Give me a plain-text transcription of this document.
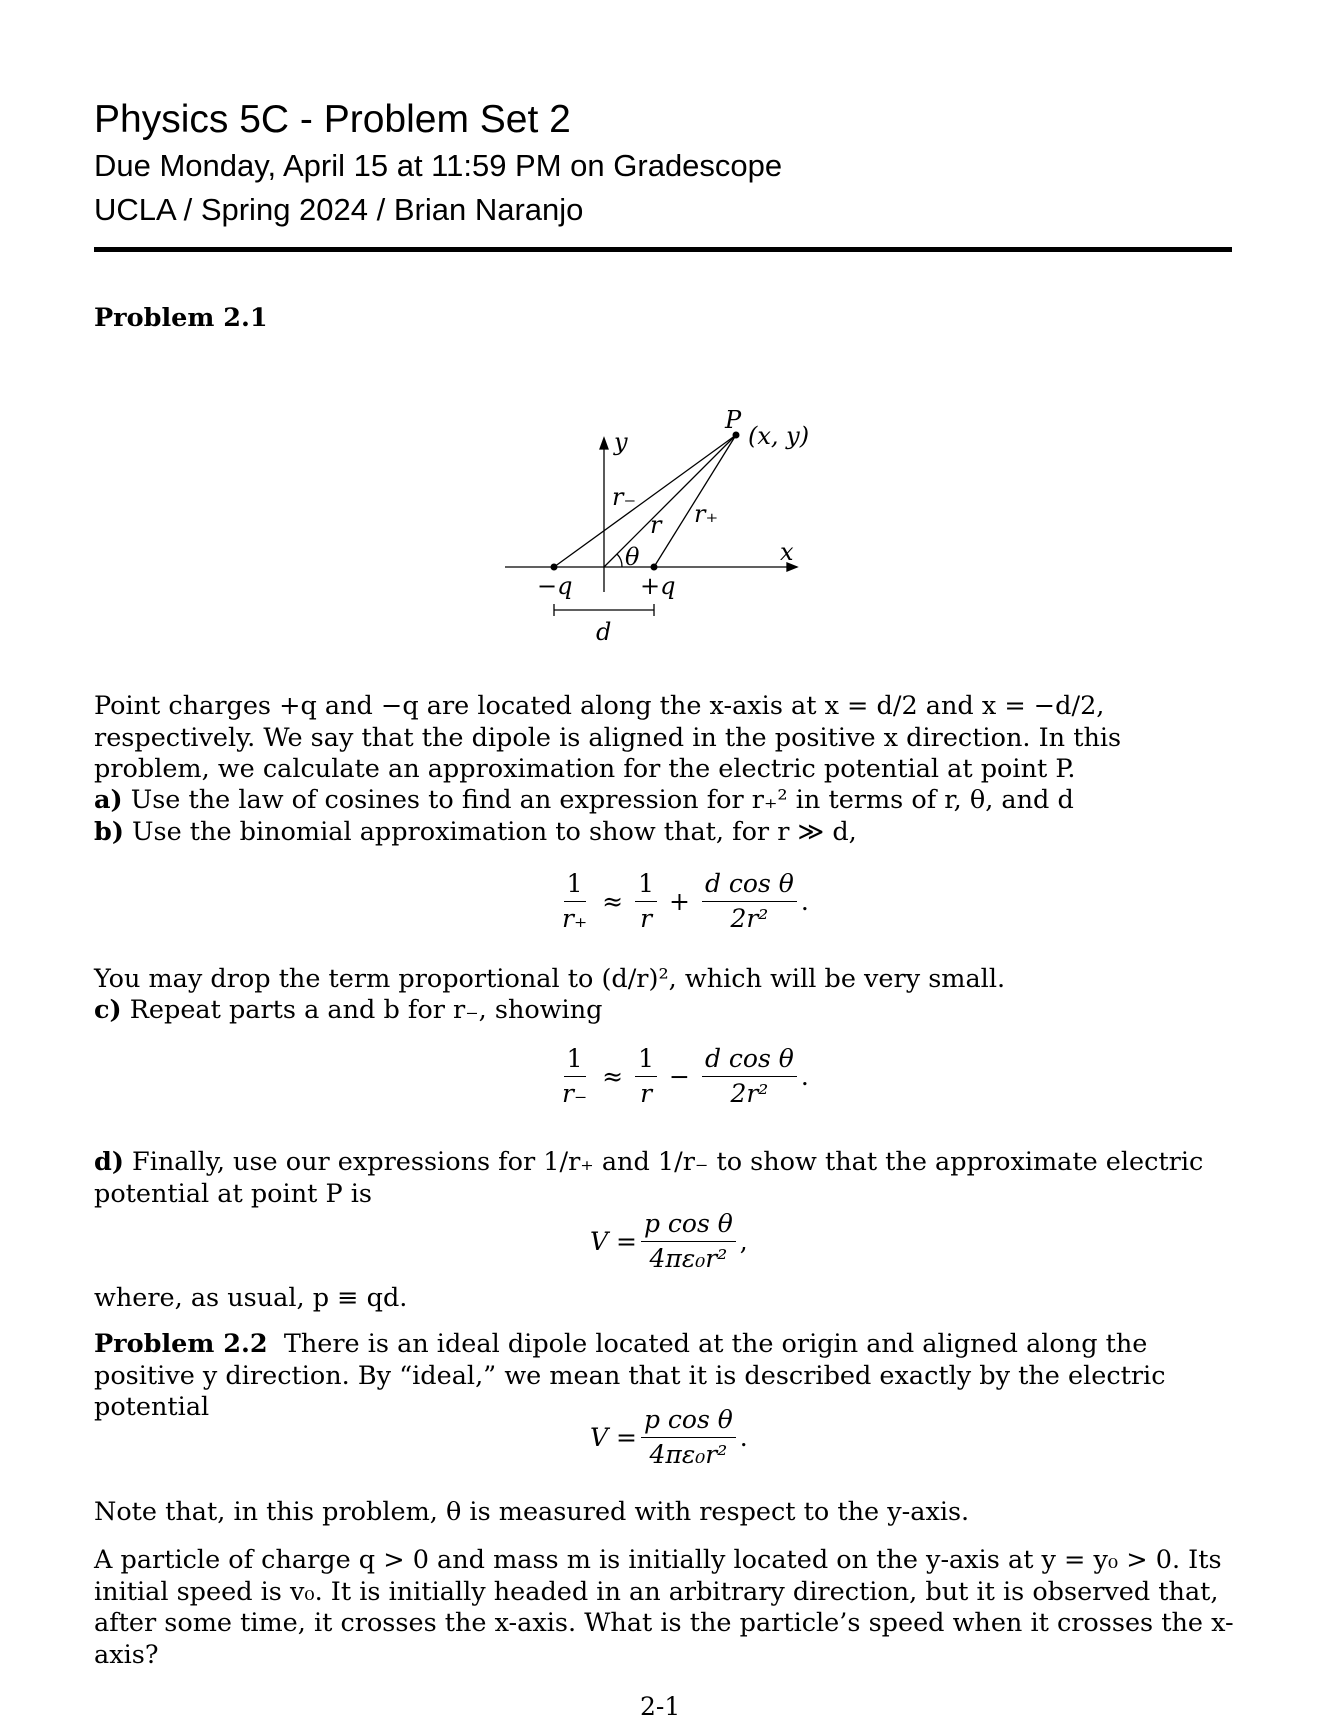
Physics 5C - Problem Set 2
Due Monday, April 15 at 11:59 PM on Gradescope
UCLA / Spring 2024 / Brian Naranjo
Problem 2.1
P
(x, y)
y
x
r₋
r r₊
θ
−q	+q
d
Point charges +q and −q are located along the x-axis at x = d/2 and x = −d/2, respectively. We say that the dipole is aligned in the positive x direction. In this problem, we calculate an approximation for the electric potential at point P.
a) Use the law of cosines to find an expression for r₊² in terms of r, θ, and d
b) Use the binomial approximation to show that, for r ≫ d,
$\frac{1}{r_+} \approx \frac{1}{r} + \frac{\text{d cos θ}}{\text{2r²}}$ .
You may drop the term proportional to (d/r)², which will be very small.
c) Repeat parts a and b for r₋, showing
$\frac{1}{r_-} \approx \frac{1}{r} - \frac{\text{d cos θ}}{\text{2r²}}$ .
d) Finally, use our expressions for 1/r₊ and 1/r₋ to show that the approximate electric potential at point P is
$V = \frac{\text{p cos θ}}{\text{4πε₀r²}}$ ,
where, as usual, p ≡ qd.
Problem 2.2 There is an ideal dipole located at the origin and aligned along the positive y direction. By “ideal,” we mean that it is described exactly by the electric potential
$V = \frac{\text{p cos θ}}{\text{4πε₀r²}}$ .
Note that, in this problem, θ is measured with respect to the y-axis.
A particle of charge q > 0 and mass m is initially located on the y-axis at y = y₀ > 0. Its initial speed is v₀. It is initially headed in an arbitrary direction, but it is observed that, after some time, it crosses the x-axis. What is the particle’s speed when it crosses the x-axis?
2-1
